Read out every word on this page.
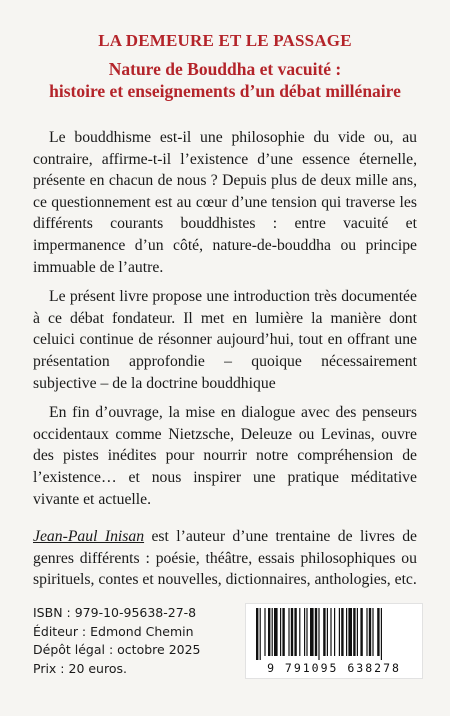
LA DEMEURE ET LE PASSAGE
Nature de Bouddha et vacuité :
histoire et enseignements d’un débat millénaire

Le bouddhisme est-il une philosophie du vide ou, au contraire, affirme-t-il l’existence d’une essence éternelle, présente en chacun de nous ? Depuis plus de deux mille ans, ce questionnement est au cœur d’une tension qui traverse les différents courants bouddhistes : entre vacuité et impermanence d’un côté, nature-de-bouddha ou principe immuable de l’autre.

Le présent livre propose une introduction très documentée à ce débat fondateur. Il met en lumière la manière dont celuici continue de résonner aujourd’hui, tout en offrant une présentation approfondie – quoique nécessairement subjective – de la doctrine bouddhique

En fin d’ouvrage, la mise en dialogue avec des penseurs occidentaux comme Nietzsche, Deleuze ou Levinas, ouvre des pistes inédites pour nourrir notre compréhension de l’existence… et nous inspirer une pratique méditative vivante et actuelle.

Jean-Paul Inisan est l’auteur d’une trentaine de livres de genres différents : poésie, théâtre, essais philosophiques ou spirituels, contes et nouvelles, dictionnaires, anthologies, etc.

ISBN : 979-10-95638-27-8
Éditeur : Edmond Chemin
Dépôt légal : octobre 2025
Prix : 20 euros.	9 791095 638278
